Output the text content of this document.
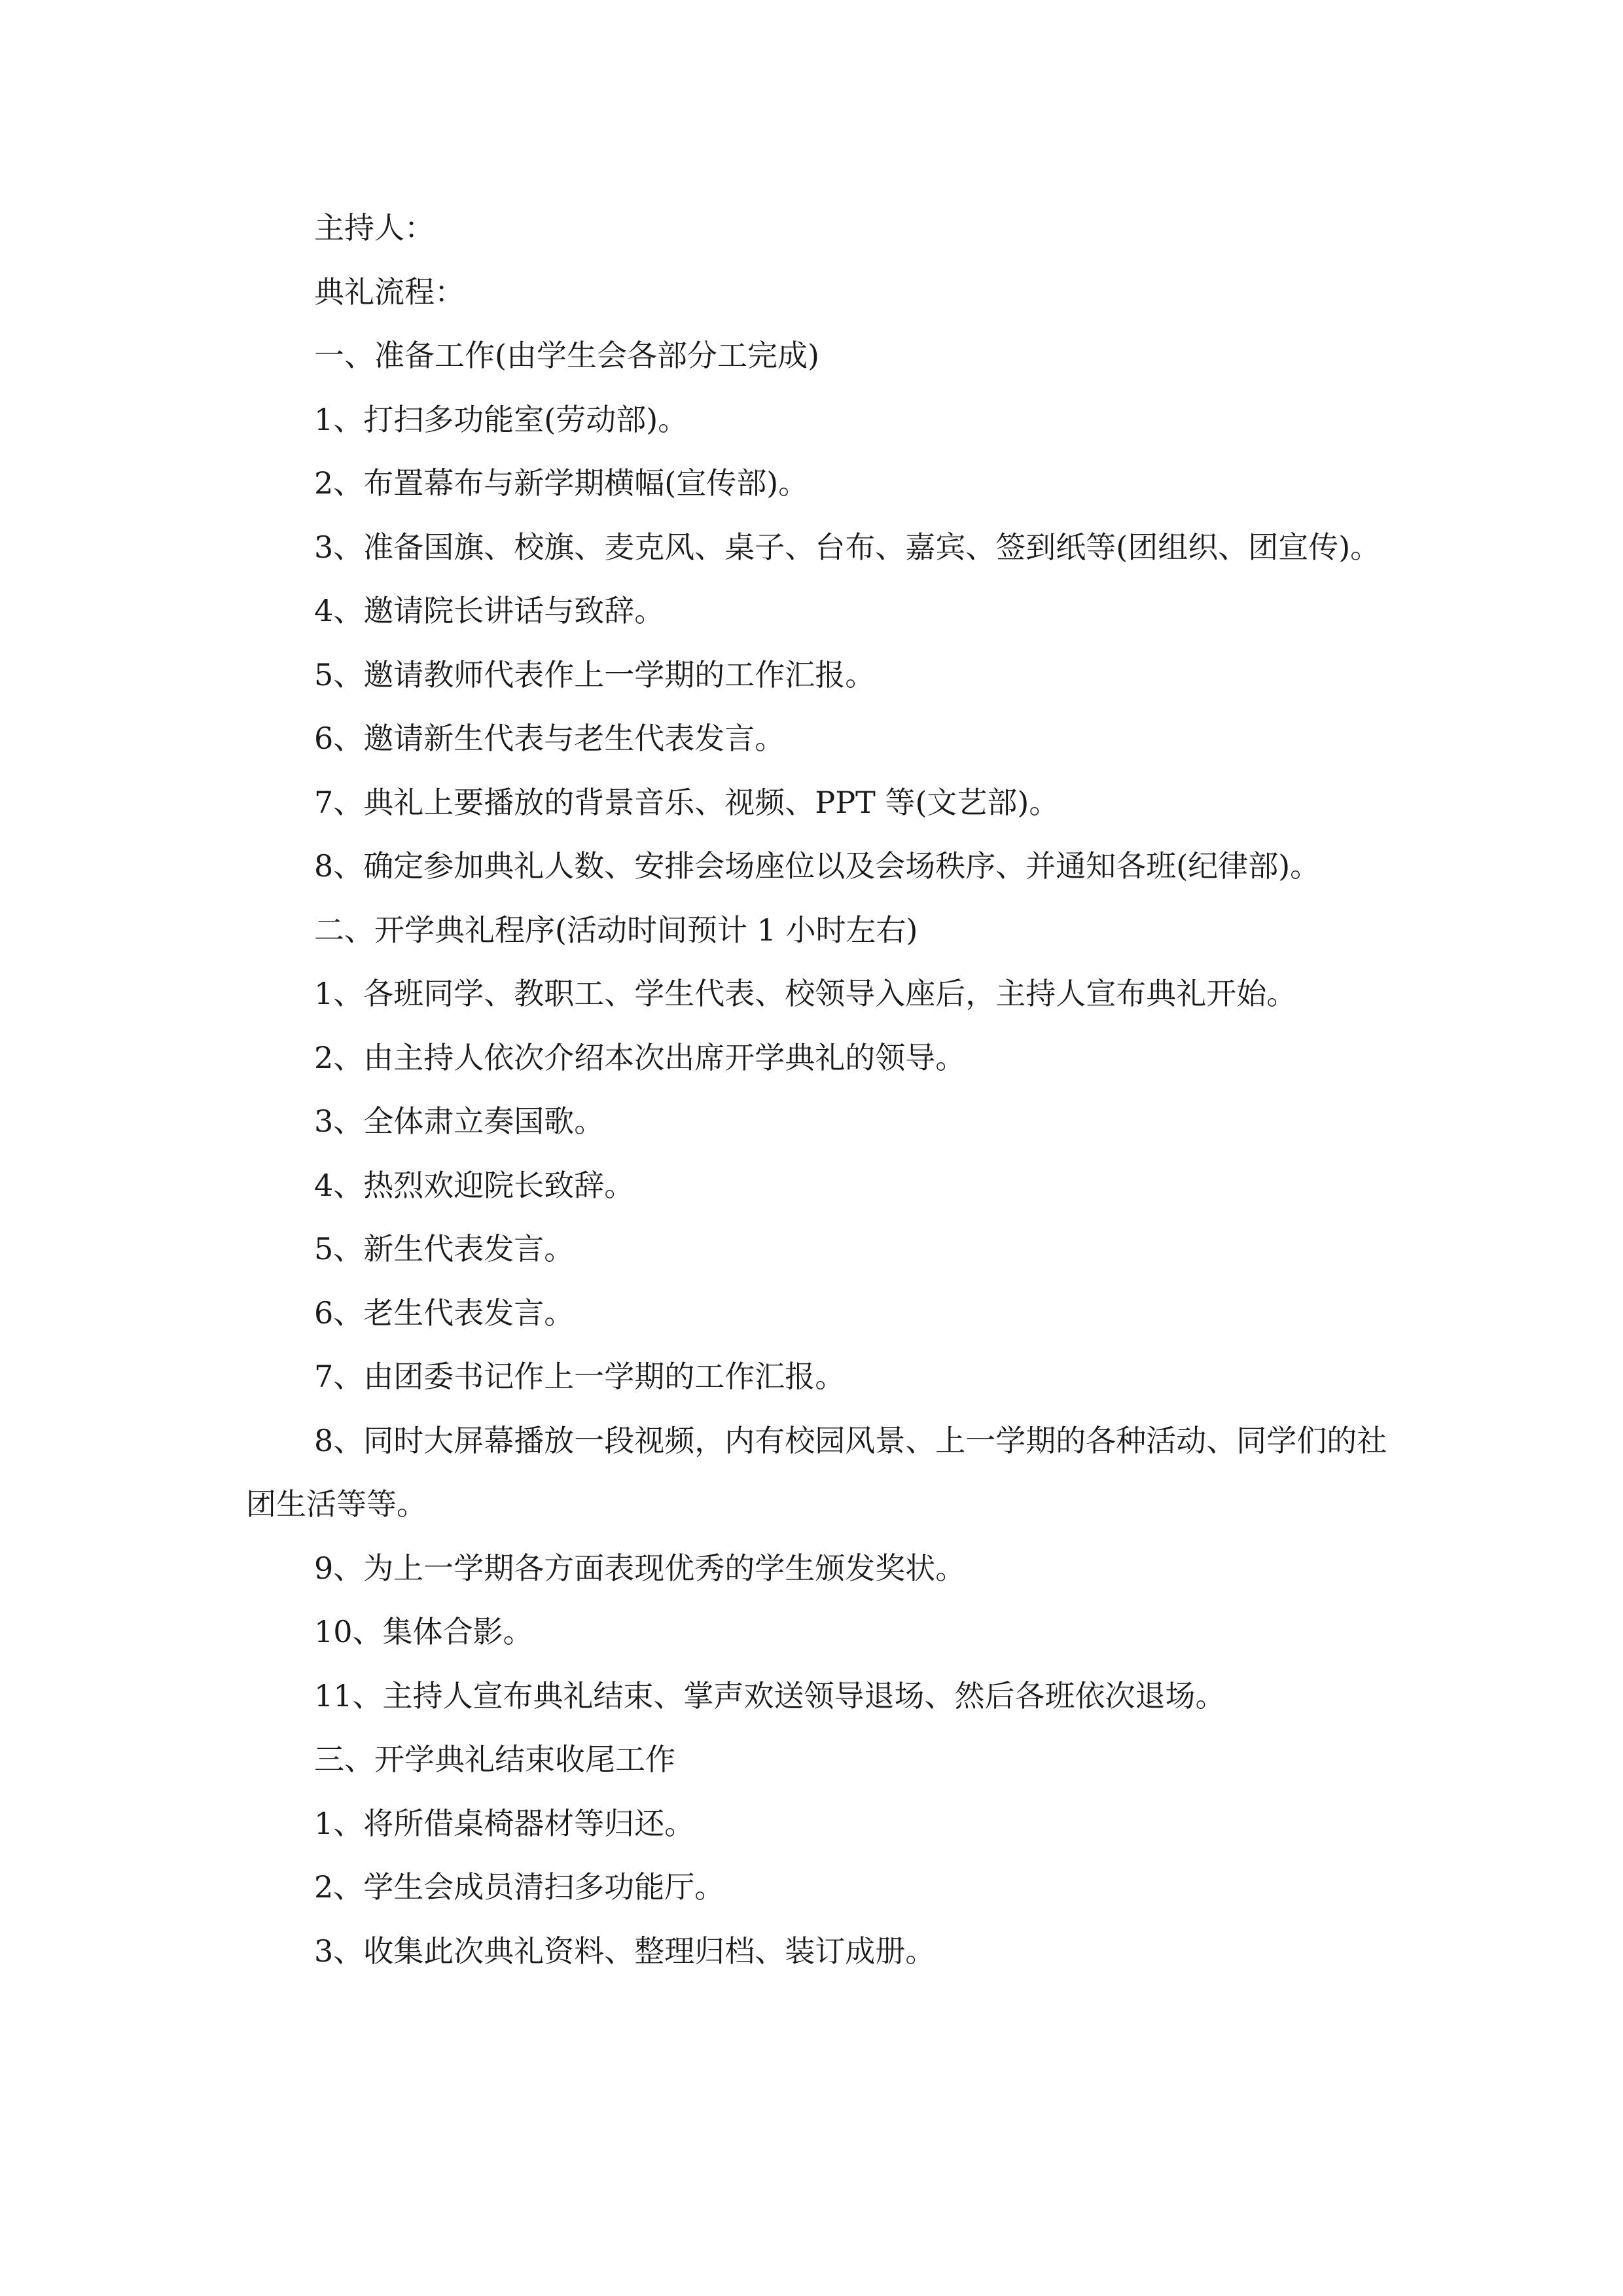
主持人：

典礼流程：

一、准备工作(由学生会各部分工完成)

1、打扫多功能室(劳动部)。

2、布置幕布与新学期横幅(宣传部)。

3、准备国旗、校旗、麦克风、桌子、台布、嘉宾、签到纸等(团组织、团宣传)。

4、邀请院长讲话与致辞。

5、邀请教师代表作上一学期的工作汇报。

6、邀请新生代表与老生代表发言。

7、典礼上要播放的背景音乐、视频、PPT 等(文艺部)。

8、确定参加典礼人数、安排会场座位以及会场秩序、并通知各班(纪律部)。

二、开学典礼程序(活动时间预计 1 小时左右)

1、各班同学、教职工、学生代表、校领导入座后，主持人宣布典礼开始。

2、由主持人依次介绍本次出席开学典礼的领导。

3、全体肃立奏国歌。

4、热烈欢迎院长致辞。

5、新生代表发言。

6、老生代表发言。

7、由团委书记作上一学期的工作汇报。

8、同时大屏幕播放一段视频，内有校园风景、上一学期的各种活动、同学们的社团生活等等。

9、为上一学期各方面表现优秀的学生颁发奖状。

10、集体合影。

11、主持人宣布典礼结束、掌声欢送领导退场、然后各班依次退场。

三、开学典礼结束收尾工作

1、将所借桌椅器材等归还。

2、学生会成员清扫多功能厅。

3、收集此次典礼资料、整理归档、装订成册。
